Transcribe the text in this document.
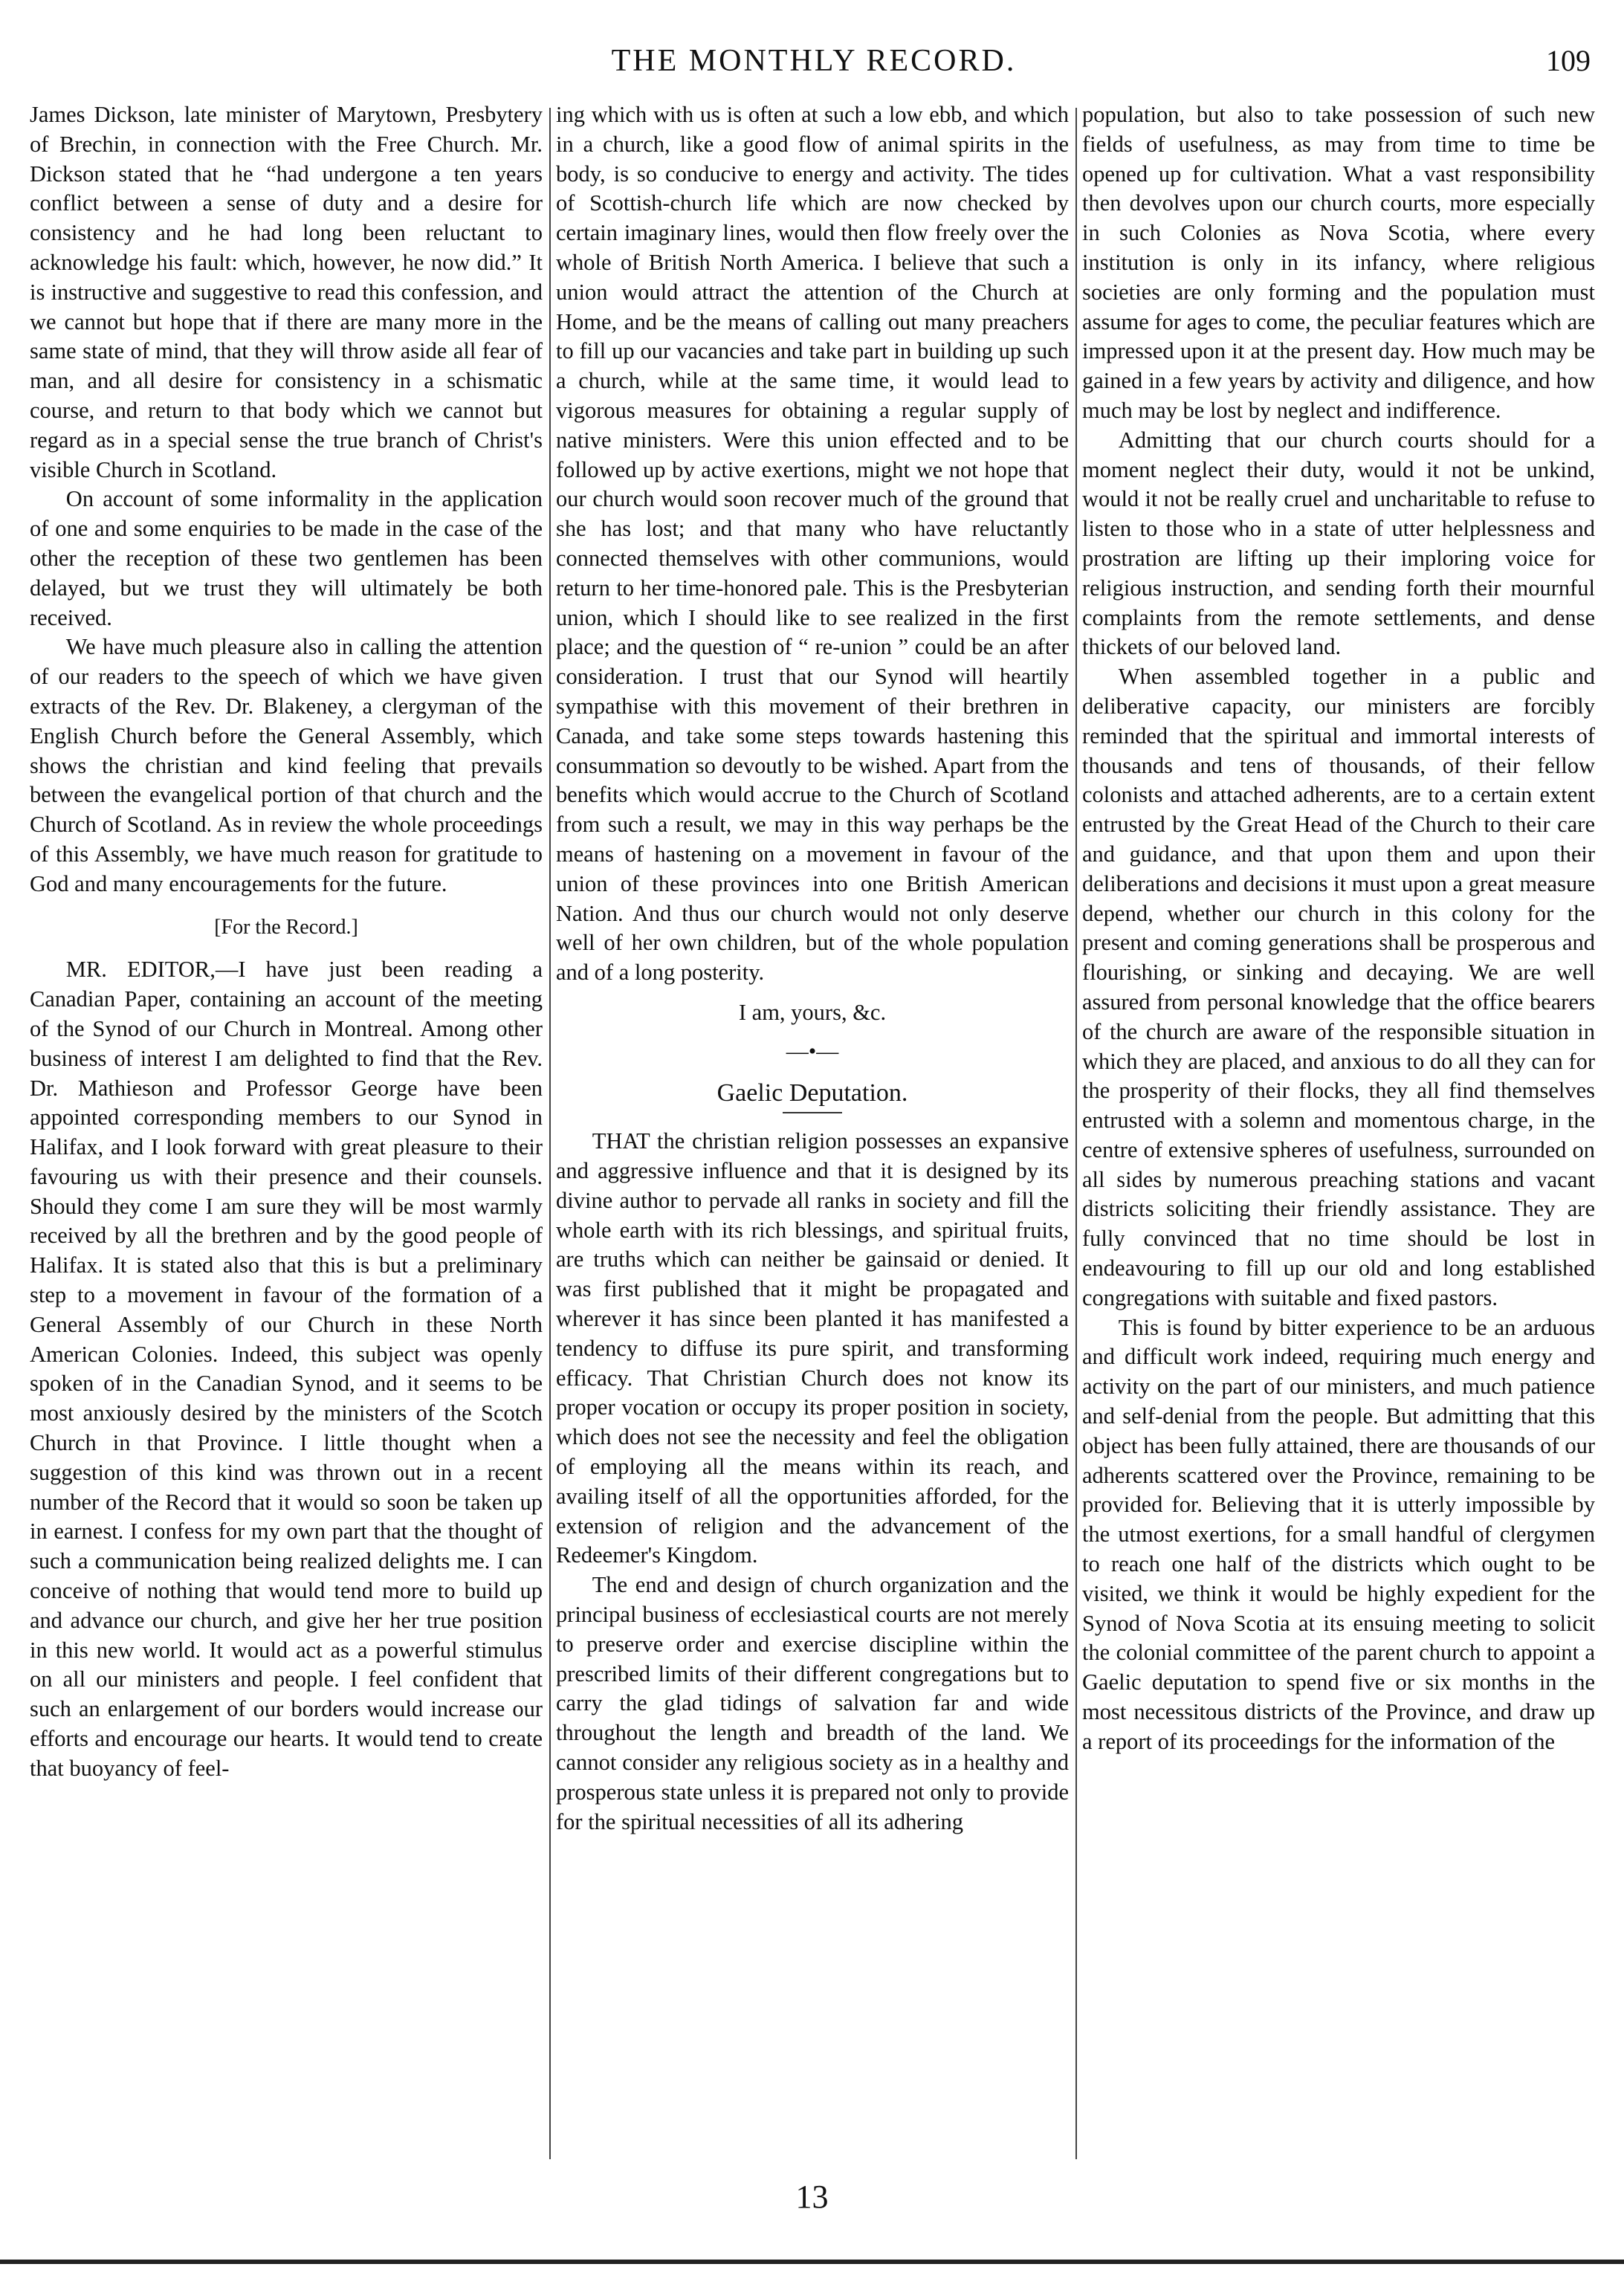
THE MONTHLY RECORD.	109

James Dickson, late minister of Marytown, Presbytery of Brechin, in connection with the Free Church. Mr. Dickson stated that he “had undergone a ten years conflict between a sense of duty and a desire for consistency and he had long been reluctant to acknowledge his fault: which, however, he now did.” It is instructive and suggestive to read this confession, and we cannot but hope that if there are many more in the same state of mind, that they will throw aside all fear of man, and all desire for consistency in a schismatic course, and return to that body which we cannot but regard as in a special sense the true branch of Christ's visible Church in Scotland.

On account of some informality in the application of one and some enquiries to be made in the case of the other the reception of these two gentlemen has been delayed, but we trust they will ultimately be both received.

We have much pleasure also in calling the attention of our readers to the speech of which we have given extracts of the Rev. Dr. Blakeney, a clergyman of the English Church before the General Assembly, which shows the christian and kind feeling that prevails between the evangelical portion of that church and the Church of Scotland. As in review the whole proceedings of this Assembly, we have much reason for gratitude to God and many encouragements for the future.

[For the Record.]

MR. EDITOR,—I have just been reading a Canadian Paper, containing an account of the meeting of the Synod of our Church in Montreal. Among other business of interest I am delighted to find that the Rev. Dr. Mathieson and Professor George have been appointed corresponding members to our Synod in Halifax, and I look forward with great pleasure to their favouring us with their presence and their counsels. Should they come I am sure they will be most warmly received by all the brethren and by the good people of Halifax. It is stated also that this is but a preliminary step to a movement in favour of the formation of a General Assembly of our Church in these North American Colonies. Indeed, this subject was openly spoken of in the Canadian Synod, and it seems to be most anxiously desired by the ministers of the Scotch Church in that Province. I little thought when a suggestion of this kind was thrown out in a recent number of the Record that it would so soon be taken up in earnest. I confess for my own part that the thought of such a communication being realized delights me. I can conceive of nothing that would tend more to build up and advance our church, and give her her true position in this new world. It would act as a powerful stimulus on all our ministers and people. I feel confident that such an enlargement of our borders would increase our efforts and encourage our hearts. It would tend to create that buoyancy of feel-

ing which with us is often at such a low ebb, and which in a church, like a good flow of animal spirits in the body, is so conducive to energy and activity. The tides of Scottish-church life which are now checked by certain imaginary lines, would then flow freely over the whole of British North America. I believe that such a union would attract the attention of the Church at Home, and be the means of calling out many preachers to fill up our vacancies and take part in building up such a church, while at the same time, it would lead to vigorous measures for obtaining a regular supply of native ministers. Were this union effected and to be followed up by active exertions, might we not hope that our church would soon recover much of the ground that she has lost; and that many who have reluctantly connected themselves with other communions, would return to her time-honored pale. This is the Presbyterian union, which I should like to see realized in the first place; and the question of “ re-union ” could be an after consideration. I trust that our Synod will heartily sympathise with this movement of their brethren in Canada, and take some steps towards hastening this consummation so devoutly to be wished. Apart from the benefits which would accrue to the Church of Scotland from such a result, we may in this way perhaps be the means of hastening on a movement in favour of the union of these provinces into one British American Nation. And thus our church would not only deserve well of her own children, but of the whole population and of a long posterity.

I am, yours, &c.
—•—
Gaelic Deputation.

THAT the christian religion possesses an expansive and aggressive influence and that it is designed by its divine author to pervade all ranks in society and fill the whole earth with its rich blessings, and spiritual fruits, are truths which can neither be gainsaid or denied. It was first published that it might be propagated and wherever it has since been planted it has manifested a tendency to diffuse its pure spirit, and transforming efficacy. That Christian Church does not know its proper vocation or occupy its proper position in society, which does not see the necessity and feel the obligation of employing all the means within its reach, and availing itself of all the opportunities afforded, for the extension of religion and the advancement of the Redeemer's Kingdom.

The end and design of church organization and the principal business of ecclesiastical courts are not merely to preserve order and exercise discipline within the prescribed limits of their different congregations but to carry the glad tidings of salvation far and wide throughout the length and breadth of the land. We cannot consider any religious society as in a healthy and prosperous state unless it is prepared not only to provide for the spiritual necessities of all its adhering

population, but also to take possession of such new fields of usefulness, as may from time to time be opened up for cultivation. What a vast responsibility then devolves upon our church courts, more especially in such Colonies as Nova Scotia, where every institution is only in its infancy, where religious societies are only forming and the population must assume for ages to come, the peculiar features which are impressed upon it at the present day. How much may be gained in a few years by activity and diligence, and how much may be lost by neglect and indifference.

Admitting that our church courts should for a moment neglect their duty, would it not be unkind, would it not be really cruel and uncharitable to refuse to listen to those who in a state of utter helplessness and prostration are lifting up their imploring voice for religious instruction, and sending forth their mournful complaints from the remote settlements, and dense thickets of our beloved land.

When assembled together in a public and deliberative capacity, our ministers are forcibly reminded that the spiritual and immortal interests of thousands and tens of thousands, of their fellow colonists and attached adherents, are to a certain extent entrusted by the Great Head of the Church to their care and guidance, and that upon them and upon their deliberations and decisions it must upon a great measure depend, whether our church in this colony for the present and coming generations shall be prosperous and flourishing, or sinking and decaying. We are well assured from personal knowledge that the office bearers of the church are aware of the responsible situation in which they are placed, and anxious to do all they can for the prosperity of their flocks, they all find themselves entrusted with a solemn and momentous charge, in the centre of extensive spheres of usefulness, surrounded on all sides by numerous preaching stations and vacant districts soliciting their friendly assistance. They are fully convinced that no time should be lost in endeavouring to fill up our old and long established congregations with suitable and fixed pastors.

This is found by bitter experience to be an arduous and difficult work indeed, requiring much energy and activity on the part of our ministers, and much patience and self-denial from the people. But admitting that this object has been fully attained, there are thousands of our adherents scattered over the Province, remaining to be provided for. Believing that it is utterly impossible by the utmost exertions, for a small handful of clergymen to reach one half of the districts which ought to be visited, we think it would be highly expedient for the Synod of Nova Scotia at its ensuing meeting to solicit the colonial committee of the parent church to appoint a Gaelic deputation to spend five or six months in the most necessitous districts of the Province, and draw up a report of its proceedings for the information of the

13
